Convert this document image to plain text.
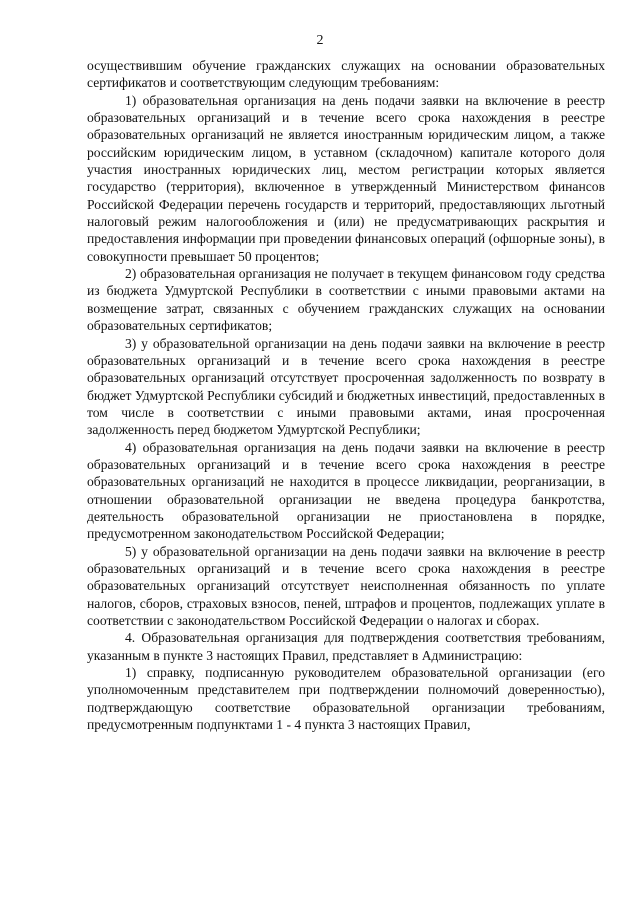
2

осуществившим обучение гражданских служащих на основании образовательных сертификатов и соответствующим следующим требованиям:

1) образовательная организация на день подачи заявки на включение в реестр образовательных организаций и в течение всего срока нахождения в реестре образовательных организаций не является иностранным юридическим лицом, а также российским юридическим лицом, в уставном (складочном) капитале которого доля участия иностранных юридических лиц, местом регистрации которых является государство (территория), включенное в утвержденный Министерством финансов Российской Федерации перечень государств и территорий, предоставляющих льготный налоговый режим налогообложения и (или) не предусматривающих раскрытия и предоставления информации при проведении финансовых операций (офшорные зоны), в совокупности превышает 50 процентов;

2) образовательная организация не получает в текущем финансовом году средства из бюджета Удмуртской Республики в соответствии с иными правовыми актами на возмещение затрат, связанных с обучением гражданских служащих на основании образовательных сертификатов;

3) у образовательной организации на день подачи заявки на включение в реестр образовательных организаций и в течение всего срока нахождения в реестре образовательных организаций отсутствует просроченная задолженность по возврату в бюджет Удмуртской Республики субсидий и бюджетных инвестиций, предоставленных в том числе в соответствии с иными правовыми актами, иная просроченная задолженность перед бюджетом Удмуртской Республики;

4) образовательная организация на день подачи заявки на включение в реестр образовательных организаций и в течение всего срока нахождения в реестре образовательных организаций не находится в процессе ликвидации, реорганизации, в отношении образовательной организации не введена процедура банкротства, деятельность образовательной организации не приостановлена в порядке, предусмотренном законодательством Российской Федерации;

5) у образовательной организации на день подачи заявки на включение в реестр образовательных организаций и в течение всего срока нахождения в реестре образовательных организаций отсутствует неисполненная обязанность по уплате налогов, сборов, страховых взносов, пеней, штрафов и процентов, подлежащих уплате в соответствии с законодательством Российской Федерации о налогах и сборах.

4. Образовательная организация для подтверждения соответствия требованиям, указанным в пункте 3 настоящих Правил, представляет в Администрацию:

1) справку, подписанную руководителем образовательной организации (его уполномоченным представителем при подтверждении полномочий доверенностью), подтверждающую соответствие образовательной организации требованиям, предусмотренным подпунктами 1 - 4 пункта 3 настоящих Правил,
